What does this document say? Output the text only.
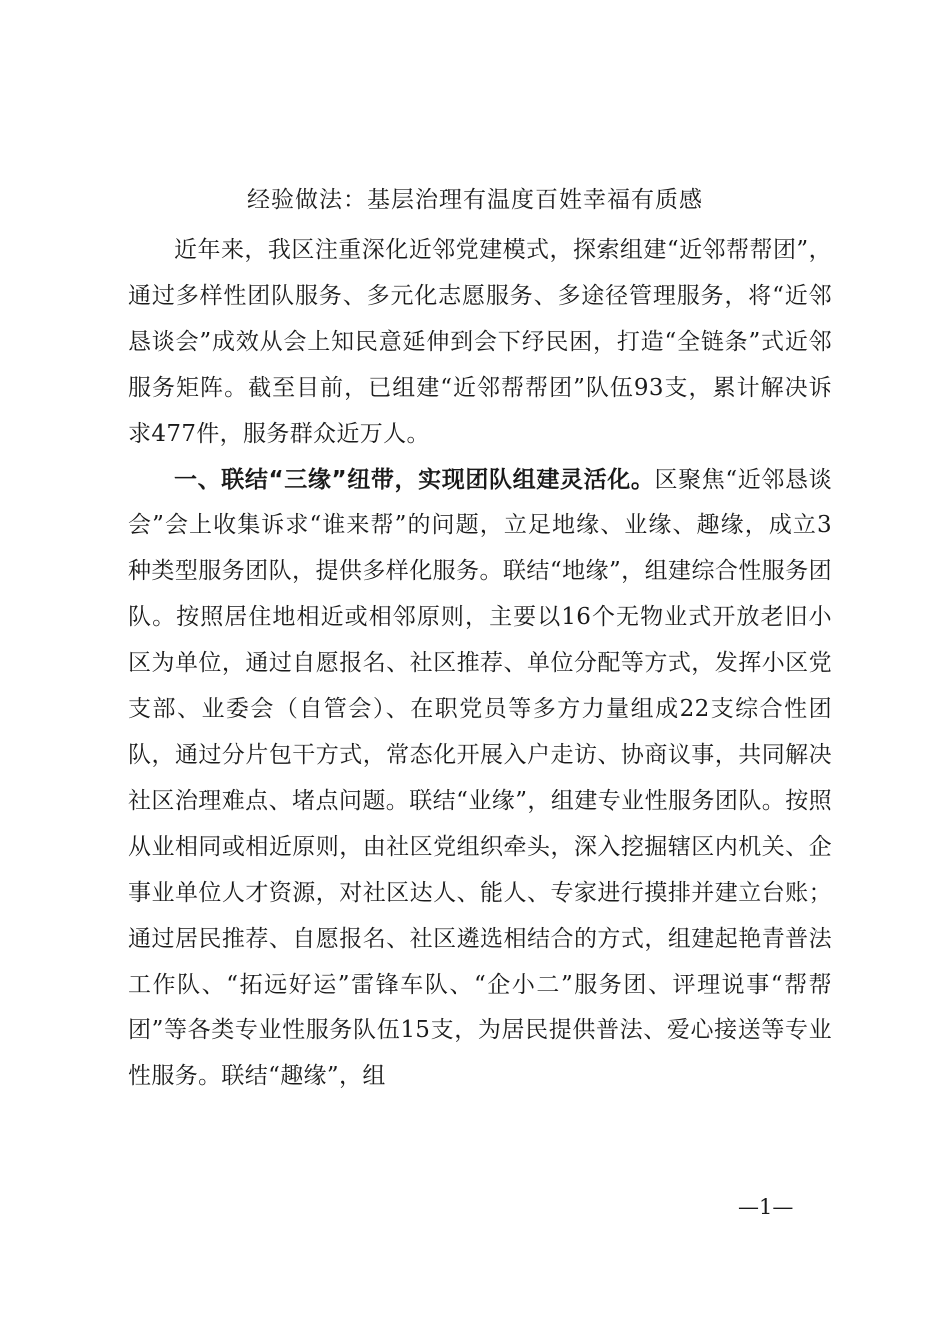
经验做法：基层治理有温度百姓幸福有质感

近年来，我区注重深化近邻党建模式，探索组建“近邻帮帮团”，通过多样性团队服务、多元化志愿服务、多途径管理服务，将“近邻恳谈会”成效从会上知民意延伸到会下纾民困，打造“全链条”式近邻服务矩阵。截至目前，已组建“近邻帮帮团”队伍93支，累计解决诉求477件，服务群众近万人。

一、联结“三缘”纽带，实现团队组建灵活化。区聚焦“近邻恳谈会”会上收集诉求“谁来帮”的问题，立足地缘、业缘、趣缘，成立3种类型服务团队，提供多样化服务。联结“地缘”，组建综合性服务团队。按照居住地相近或相邻原则，主要以16个无物业式开放老旧小区为单位，通过自愿报名、社区推荐、单位分配等方式，发挥小区党支部、业委会（自管会）、在职党员等多方力量组成22支综合性团队，通过分片包干方式，常态化开展入户走访、协商议事，共同解决社区治理难点、堵点问题。联结“业缘”，组建专业性服务团队。按照从业相同或相近原则，由社区党组织牵头，深入挖掘辖区内机关、企事业单位人才资源，对社区达人、能人、专家进行摸排并建立台账；通过居民推荐、自愿报名、社区遴选相结合的方式，组建起艳青普法工作队、“拓远好运”雷锋车队、“企小二”服务团、评理说事“帮帮团”等各类专业性服务队伍15支，为居民提供普法、爱心接送等专业性服务。联结“趣缘”，组

—1—
